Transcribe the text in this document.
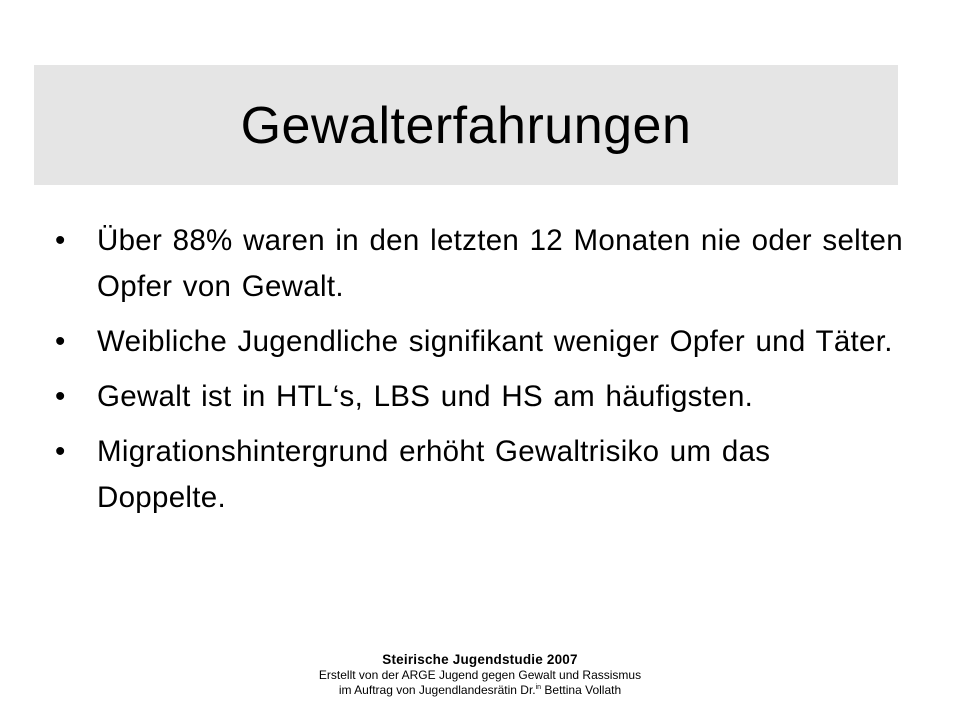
Gewalterfahrungen
• Über 88% waren in den letzten 12 Monaten nie oder selten Opfer von Gewalt.
• Weibliche Jugendliche signifikant weniger Opfer und Täter.
• Gewalt ist in HTL‘s, LBS und HS am häufigsten.
• Migrationshintergrund erhöht Gewaltrisiko um das Doppelte.
Steirische Jugendstudie 2007
Erstellt von der ARGE Jugend gegen Gewalt und Rassismus
im Auftrag von Jugendlandesrätin Dr.$^{in}$ Bettina Vollath
